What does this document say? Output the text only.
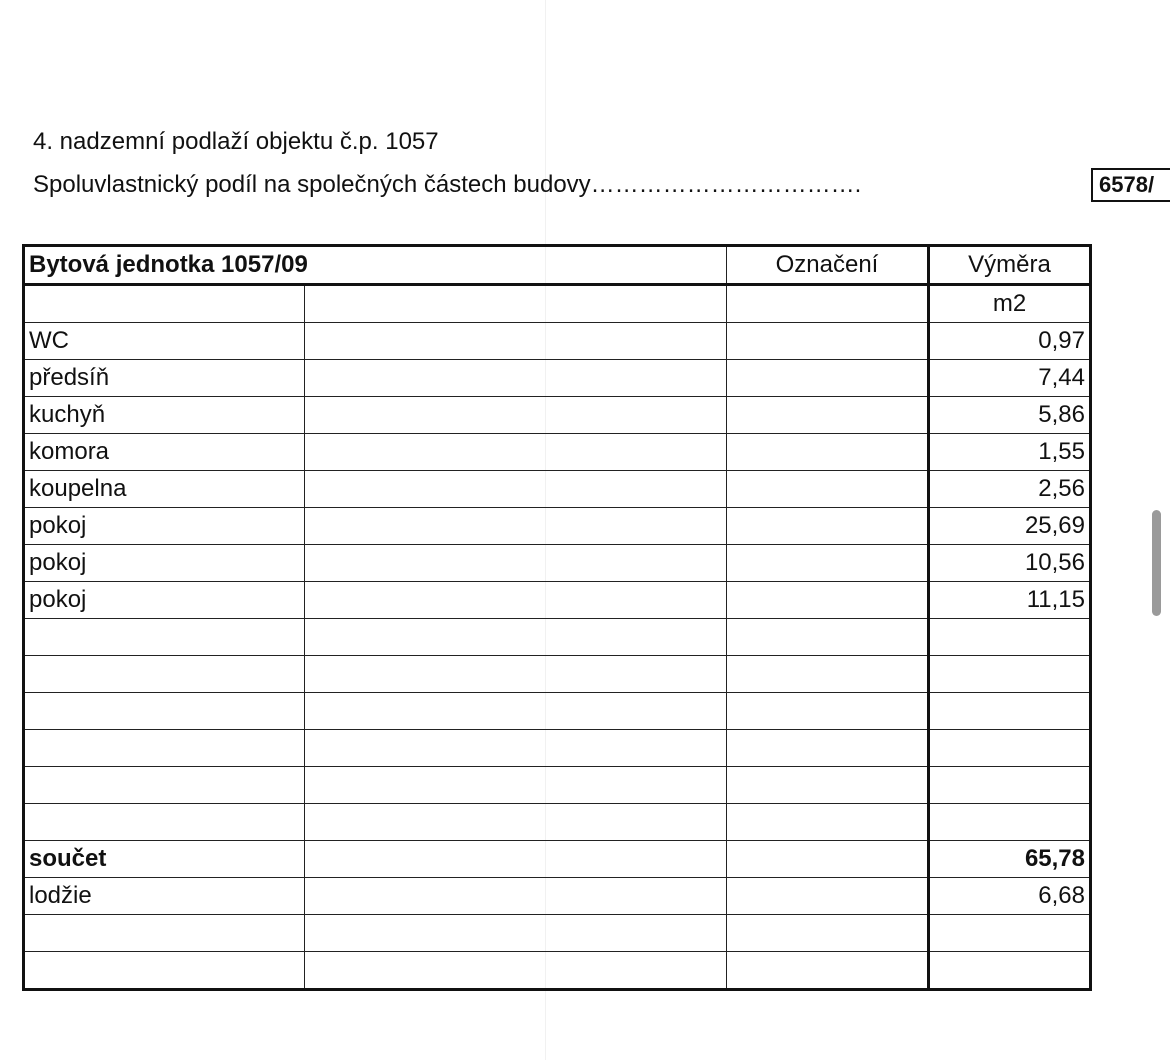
4. nadzemní podlaží objektu č.p. 1057
Spoluvlastnický podíl na společných částech budovy…………………………….	6578/
Bytová jednotka 1057/09		Označení	Výměra
			m2
WC			0,97
předsíň			7,44
kuchyň			5,86
komora			1,55
koupelna			2,56
pokoj			25,69
pokoj			10,56
pokoj			11,15

součet			65,78
lodžie			6,68
